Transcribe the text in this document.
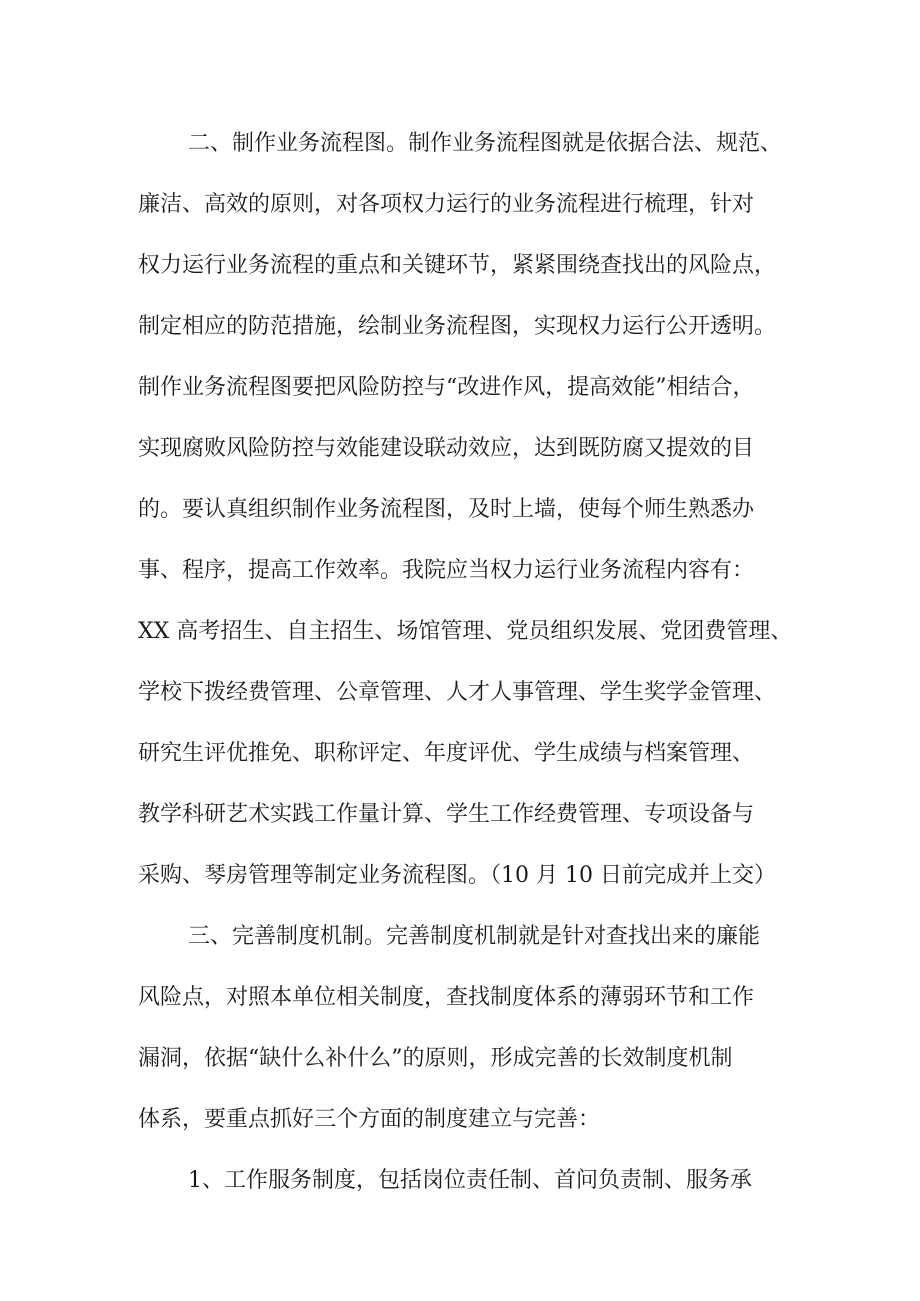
二、制作业务流程图。制作业务流程图就是依据合法、规范、
廉洁、高效的原则，对各项权力运行的业务流程进行梳理，针对
权力运行业务流程的重点和关键环节，紧紧围绕查找出的风险点，
制定相应的防范措施，绘制业务流程图，实现权力运行公开透明。
制作业务流程图要把风险防控与“改进作风，提高效能”相结合，
实现腐败风险防控与效能建设联动效应，达到既防腐又提效的目
的。要认真组织制作业务流程图，及时上墙，使每个师生熟悉办
事、程序，提高工作效率。我院应当权力运行业务流程内容有：
XX 高考招生、自主招生、场馆管理、党员组织发展、党团费管理、
学校下拨经费管理、公章管理、人才人事管理、学生奖学金管理、
研究生评优推免、职称评定、年度评优、学生成绩与档案管理、
教学科研艺术实践工作量计算、学生工作经费管理、专项设备与
采购、琴房管理等制定业务流程图。（10 月 10 日前完成并上交）
三、完善制度机制。完善制度机制就是针对查找出来的廉能
风险点，对照本单位相关制度，查找制度体系的薄弱环节和工作
漏洞，依据“缺什么补什么”的原则，形成完善的长效制度机制
体系，要重点抓好三个方面的制度建立与完善：
1、工作服务制度，包括岗位责任制、首问负责制、服务承
